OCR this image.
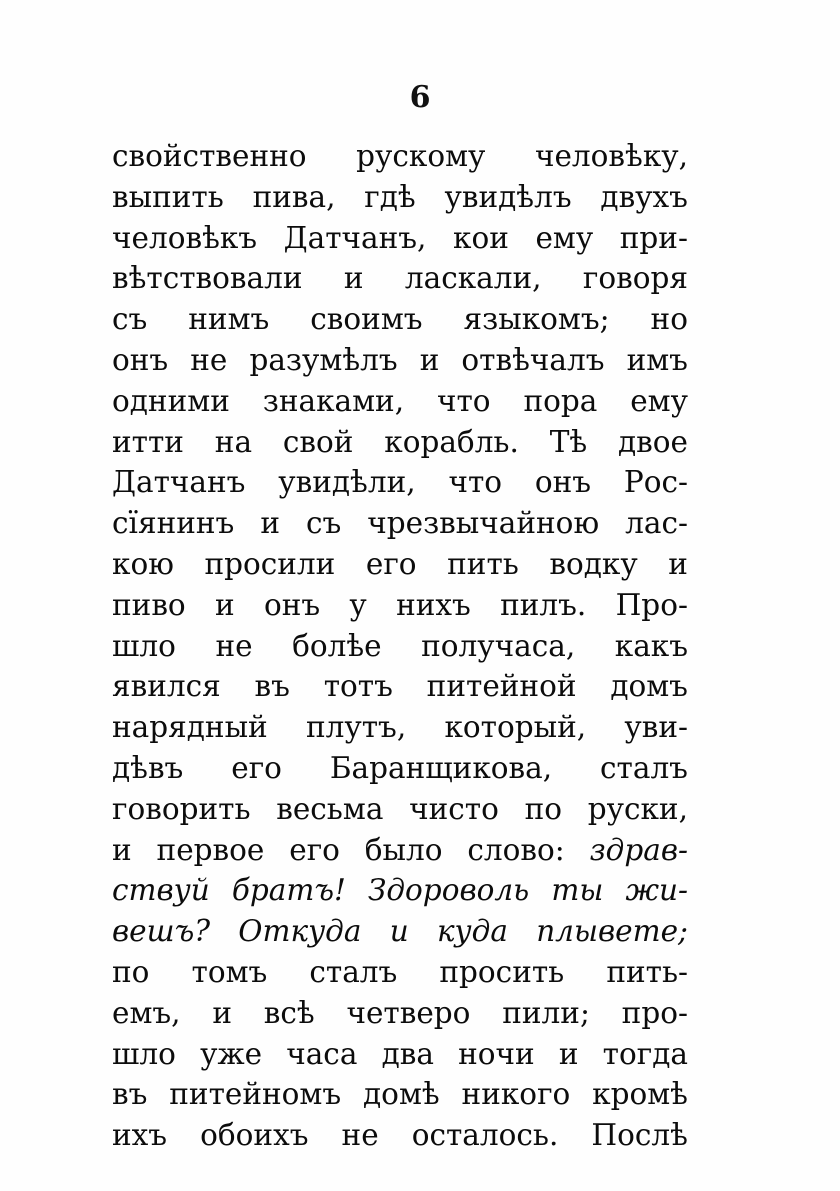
6
свойственно рускому человѣку,
выпить пива, гдѣ увидѣлъ двухъ
человѣкъ Датчанъ, кои ему при-
вѣтствовали и ласкали, говоря
съ нимъ своимъ языкомъ; но
онъ не разумѣлъ и отвѣчалъ имъ
одними знаками, что пора ему
итти на свой корабль. Тѣ двое
Датчанъ увидѣли, что онъ Рос-
сїянинъ и съ чрезвычайною лас-
кою просили его пить водку и
пиво и онъ у нихъ пилъ. Про-
шло не болѣе получаса, какъ
явился въ тотъ питейной домъ
нарядный плутъ, который, уви-
дѣвъ его Баранщикова, сталъ
говорить весьма чисто по руски,
и первое его было слово: здрав-
ствуй братъ! Здороволь ты жи-
вешъ? Откуда и куда плывете;
по томъ сталъ просить пить-
емъ, и всѣ четверо пили; про-
шло уже часа два ночи и тогда
въ питейномъ домѣ никого кромѣ
ихъ обоихъ не осталось. Послѣ
